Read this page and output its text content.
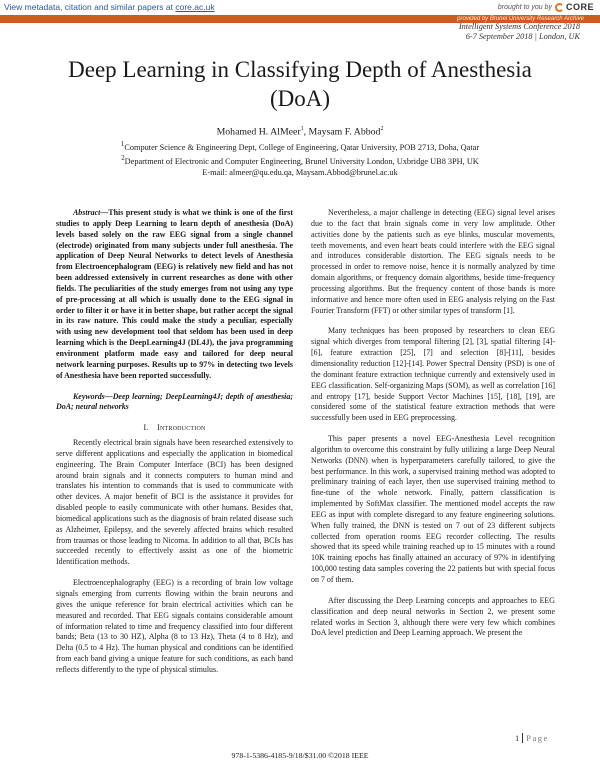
View metadata, citation and similar papers at core.ac.uk	brought to you by CORE
provided by Brunel University Research Archive
Intelligent Systems Conference 2018
6-7 September 2018 | London, UK
Deep Learning in Classifying Depth of Anesthesia (DoA)
Mohamed H. AlMeer$^1$, Maysam F. Abbod$^2$
$^1$Computer Science & Engineering Dept, College of Engineering, Qatar University, POB 2713, Doha, Qatar
$^2$Department of Electronic and Computer Engineering, Brunel University London, Uxbridge UB8 3PH, UK
E-mail: almeer@qu.edu.qa, Maysam.Abbod@brunel.ac.uk

Abstract—This present study is what we think is one of the first studies to apply Deep Learning to learn depth of anesthesia (DoA) levels based solely on the raw EEG signal from a single channel (electrode) originated from many subjects under full anesthesia. The application of Deep Neural Networks to detect levels of Anesthesia from Electroencephalogram (EEG) is relatively new field and has not been addressed extensively in current researches as done with other fields. The peculiarities of the study emerges from not using any type of pre-processing at all which is usually done to the EEG signal in order to filter it or have it in better shape, but rather accept the signal in its raw nature. This could make the study a peculiar, especially with using new development tool that seldom has been used in deep learning which is the DeepLearning4J (DL4J), the java programming environment platform made easy and tailored for deep neural network learning purposes. Results up to 97% in detecting two levels of Anesthesia have been reported successfully.

Keywords—Deep learning; DeepLearning4J; depth of anesthesia; DoA; neural networks

I. Introduction

Recently electrical brain signals have been researched extensively to serve different applications and especially the application in biomedical engineering. The Brain Computer Interface (BCI) has been designed around brain signals and it connects computers to human mind and translates his intention to commands that is used to communicate with other devices. A major benefit of BCI is the assistance it provides for disabled people to easily communicate with other humans. Besides that, biomedical applications such as the diagnosis of brain related disease such as Alzheimer, Epilepsy, and the severely affected brains which resulted from traumas or those leading to Nicoma. In addition to all that, BCIs has succeeded recently to effectively assist as one of the biometric Identification methods.

Electroencephalography (EEG) is a recording of brain low voltage signals emerging from currents flowing within the brain neurons and gives the unique reference for brain electrical activities which can be measured and recorded. That EEG signals contains considerable amount of information related to time and frequency classified into four different bands; Beta (13 to 30 HZ), Alpha (8 to 13 Hz), Theta (4 to 8 Hz), and Delta (0.5 to 4 Hz). The human physical and conditions can be identified from each band giving a unique feature for such conditions, as each band reflects differently to the type of physical stimulus.

Nevertheless, a major challenge in detecting (EEG) signal level arises due to the fact that brain signals come in very low amplitude. Other activities done by the patients such as eye blinks, muscular movements, teeth movements, and even heart beats could interfere with the EEG signal and introduces considerable distortion. The EEG signals needs to be processed in order to remove noise, hence it is normally analyzed by time domain algorithms, or frequency domain algorithms, beside time-frequency processing algorithms. But the frequency content of those bands is more informative and hence more often used in EEG analysis relying on the Fast Fourier Transform (FFT) or other similar types of transform [1].

Many techniques has been proposed by researchers to clean EEG signal which diverges from temporal filtering [2], [3], spatial filtering [4]-[6], feature extraction [25], [7] and selection [8]-[11], besides dimensionality reduction [12]-[14]. Power Spectral Density (PSD) is one of the dominant feature extraction technique currently and extensively used in EEG classification. Self-organizing Maps (SOM), as well as correlation [16] and entropy [17], beside Support Vector Machines [15], [18], [19], are considered some of the statistical feature extraction methods that were successfully been used in EEG preprocessing.

This paper presents a novel EEG-Anesthesia Level recognition algorithm to overcome this constraint by fully utilizing a large Deep Neural Networks (DNN) when is hyperparameters carefully tailored, to give the best performance. In this work, a supervised training method was adopted to preliminary training of each layer, then use supervised training method to fine-tune of the whole network. Finally, pattern classification is implemented by SoftMax classifier. The mentioned model accepts the raw EEG as input with complete disregard to any feature engineering solutions. When fully trained, the DNN is tested on 7 out of 23 different subjects collected from operation rooms EEG recorder collecting. The results showed that its speed while training reached up to 15 minutes with a round 10K training epochs has finally attained an accuracy of 97% in identifying 100,000 testing data samples covering the 22 patients but with special focus on 7 of them.

After discussing the Deep Learning concepts and approaches to EEG classification and deep neural networks in Section 2, we present some related works in Section 3, although there were very few which combines DoA level prediction and Deep Learning approach. We present the

1 Page
978-1-5386-4185-9/18/$31.00 ©2018 IEEE
